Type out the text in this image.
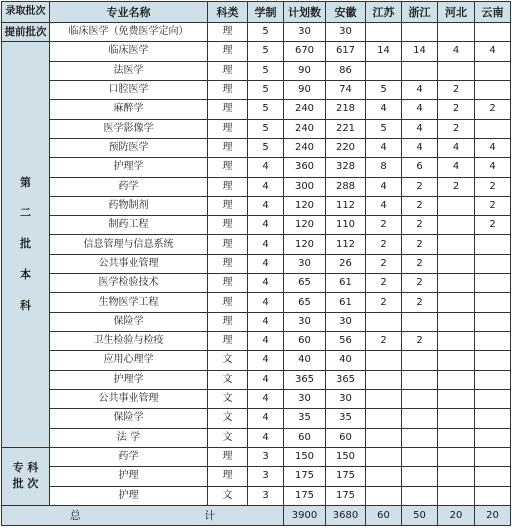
录取批次	专业名称	科类	学制	计划数	安徽	江苏	浙江	河北	云南
提前批次	临床医学（免费医学定向）	理	5	30	30				

第
二
批
本
科	临床医学	理	5	670	617	14	14	4	4
	法医学	理	5	90	86				
	口腔医学	理	5	90	74	5	4	2	
	麻醉学	理	5	240	218	4	4	2	2
	医学影像学	理	5	240	221	5	4	2	
	预防医学	理	5	240	220	4	4	4	4
	护理学	理	4	360	328	8	6	4	4
	药学	理	4	300	288	4	2	2	2
	药物制剂	理	4	120	112	4	2		2
	制药工程	理	4	120	110	2	2		2
	信息管理与信息系统	理	4	120	112	2	2		
	公共事业管理	理	4	30	26	2	2		
	医学检验技术	理	4	65	61	2	2		
	生物医学工程	理	4	65	61	2	2		
	保险学	理	4	30	30				
	卫生检验与检疫	理	4	60	56	2	2		
	应用心理学	文	4	40	40				
	护理学	文	4	365	365				
	公共事业管理	文	4	30	30				
	保险学	文	4	35	35				
	法 学	文	4	60	60				

专 科
批 次	药学	理	3	150	150				
	护理	理	3	175	175				
	护理	文	3	175	175				
总 计				3900	3680	60	50	20	20
